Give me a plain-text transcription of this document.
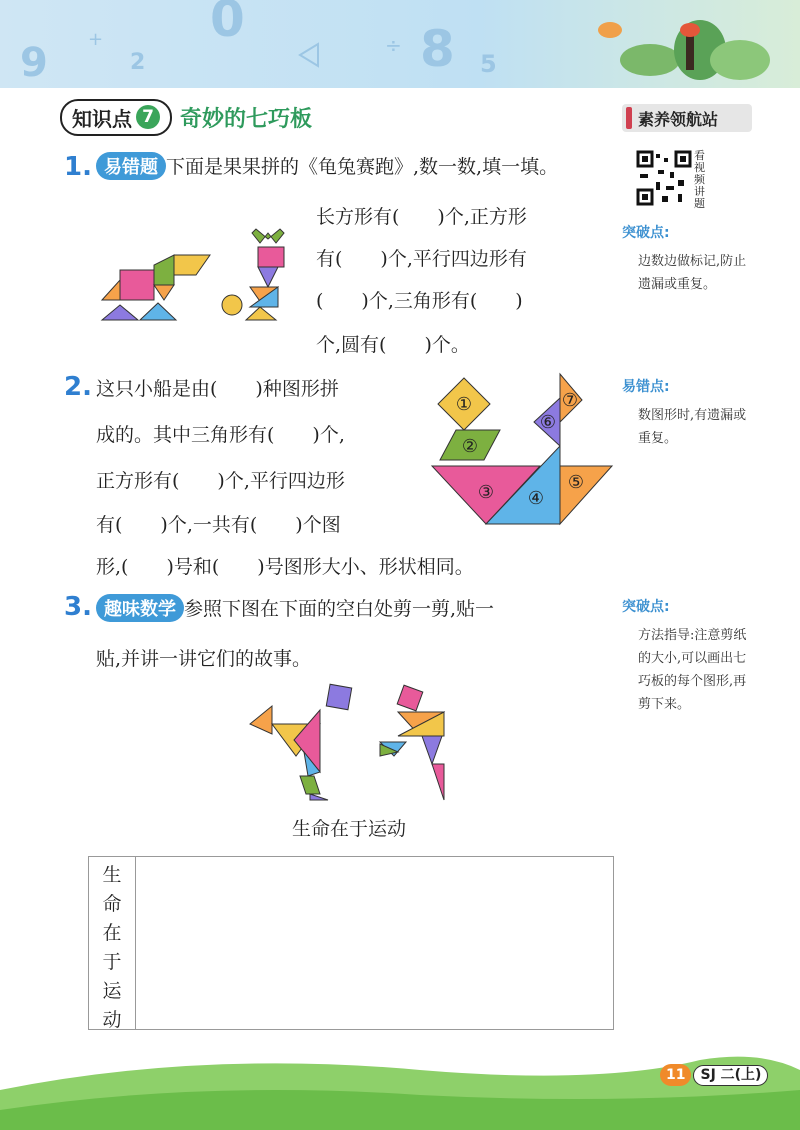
9	2
0
8 5
÷
+
知识点 7 奇妙的七巧板	素养领航站
看视频讲题
1. 易错题 下面是果果拼的《龟兔赛跑》,数一数,填一填。
长方形有(　　)个,正方形
有(　　)个,平行四边形有
(　　)个,三角形有(　　)
个,圆有(　　)个。
突破点:
边数边做标记,防止遗漏或重复。
易错点:
数图形时,有遗漏或重复。
突破点:
方法指导:注意剪纸的大小,可以画出七巧板的每个图形,再剪下来。
2. 这只小船是由(　　)种图形拼
成的。其中三角形有(　　)个,
正方形有(　　)个,平行四边形
有(　　)个,一共有(　　)个图
形,(　　)号和(　　)号图形大小、形状相同。
①
②
③ ④
⑤
⑥
⑦
3. 趣味数学 参照下图在下面的空白处剪一剪,贴一
贴,并讲一讲它们的故事。
生命在于运动
生
命
在
于
运
动
11	SJ 二(上)
